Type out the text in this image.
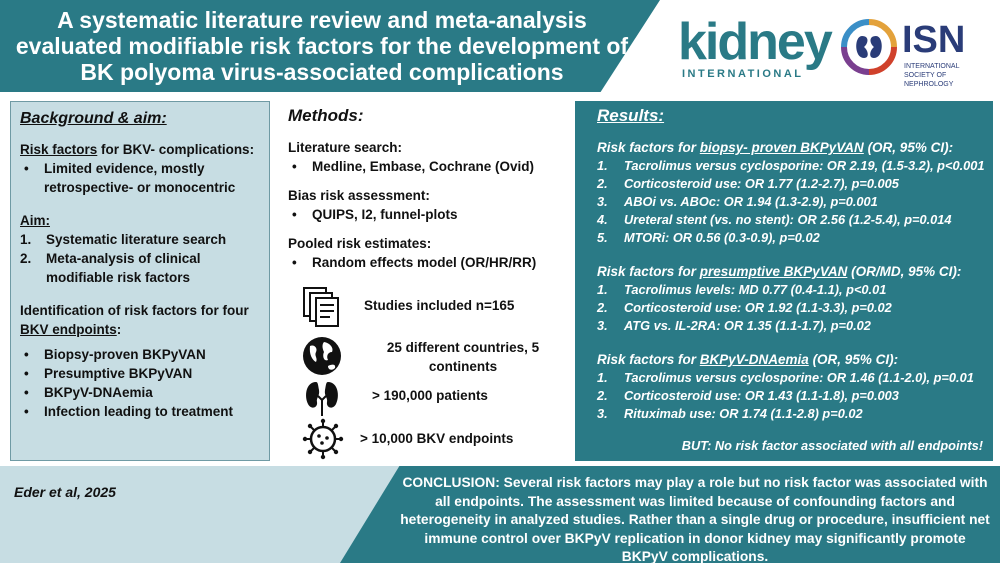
A systematic literature review and meta-analysis evaluated modifiable risk factors for the development of BK polyoma virus-associated complications
kidney
INTERNATIONAL
ISN
INTERNATIONAL SOCIETY OF NEPHROLOGY
Background & aim:
Risk factors for BKV- complications:
• Limited evidence, mostly retrospective- or monocentric
Aim:
1. Systematic literature search
2. Meta-analysis of clinical modifiable risk factors
Identification of risk factors for four
BKV endpoints:
• Biopsy-proven BKPyVAN
• Presumptive BKPyVAN
• BKPyV-DNAemia
• Infection leading to treatment
Methods:
Literature search:
• Medline, Embase, Cochrane (Ovid)
Bias risk assessment:
• QUIPS, I2, funnel-plots
Pooled risk estimates:
• Random effects model (OR/HR/RR)
Studies included n=165
25 different countries, 5 continents
> 190,000 patients
> 10,000 BKV endpoints
Results:
Risk factors for biopsy- proven BKPyVAN (OR, 95% CI):
1. Tacrolimus versus cyclosporine: OR 2.19, (1.5-3.2), p<0.001
2. Corticosteroid use: OR 1.77 (1.2-2.7), p=0.005
3. ABOi vs. ABOc: OR 1.94 (1.3-2.9), p=0.001
4. Ureteral stent (vs. no stent): OR 2.56 (1.2-5.4), p=0.014
5. MTORi: OR 0.56 (0.3-0.9), p=0.02
Risk factors for presumptive BKPyVAN (OR/MD, 95% CI):
1. Tacrolimus levels: MD 0.77 (0.4-1.1), p<0.01
2. Corticosteroid use: OR 1.92 (1.1-3.3), p=0.02
3. ATG vs. IL-2RA: OR 1.35 (1.1-1.7), p=0.02
Risk factors for BKPyV-DNAemia (OR, 95% CI):
1. Tacrolimus versus cyclosporine: OR 1.46 (1.1-2.0), p=0.01
2. Corticosteroid use: OR 1.43 (1.1-1.8), p=0.003
3. Rituximab use: OR 1.74 (1.1-2.8) p=0.02
BUT: No risk factor associated with all endpoints!
Eder et al, 2025
CONCLUSION: Several risk factors may play a role but no risk factor was associated with all endpoints. The assessment was limited because of confounding factors and heterogeneity in analyzed studies. Rather than a single drug or procedure, insufficient net immune control over BKPyV replication in donor kidney may significantly promote BKPyV complications.
